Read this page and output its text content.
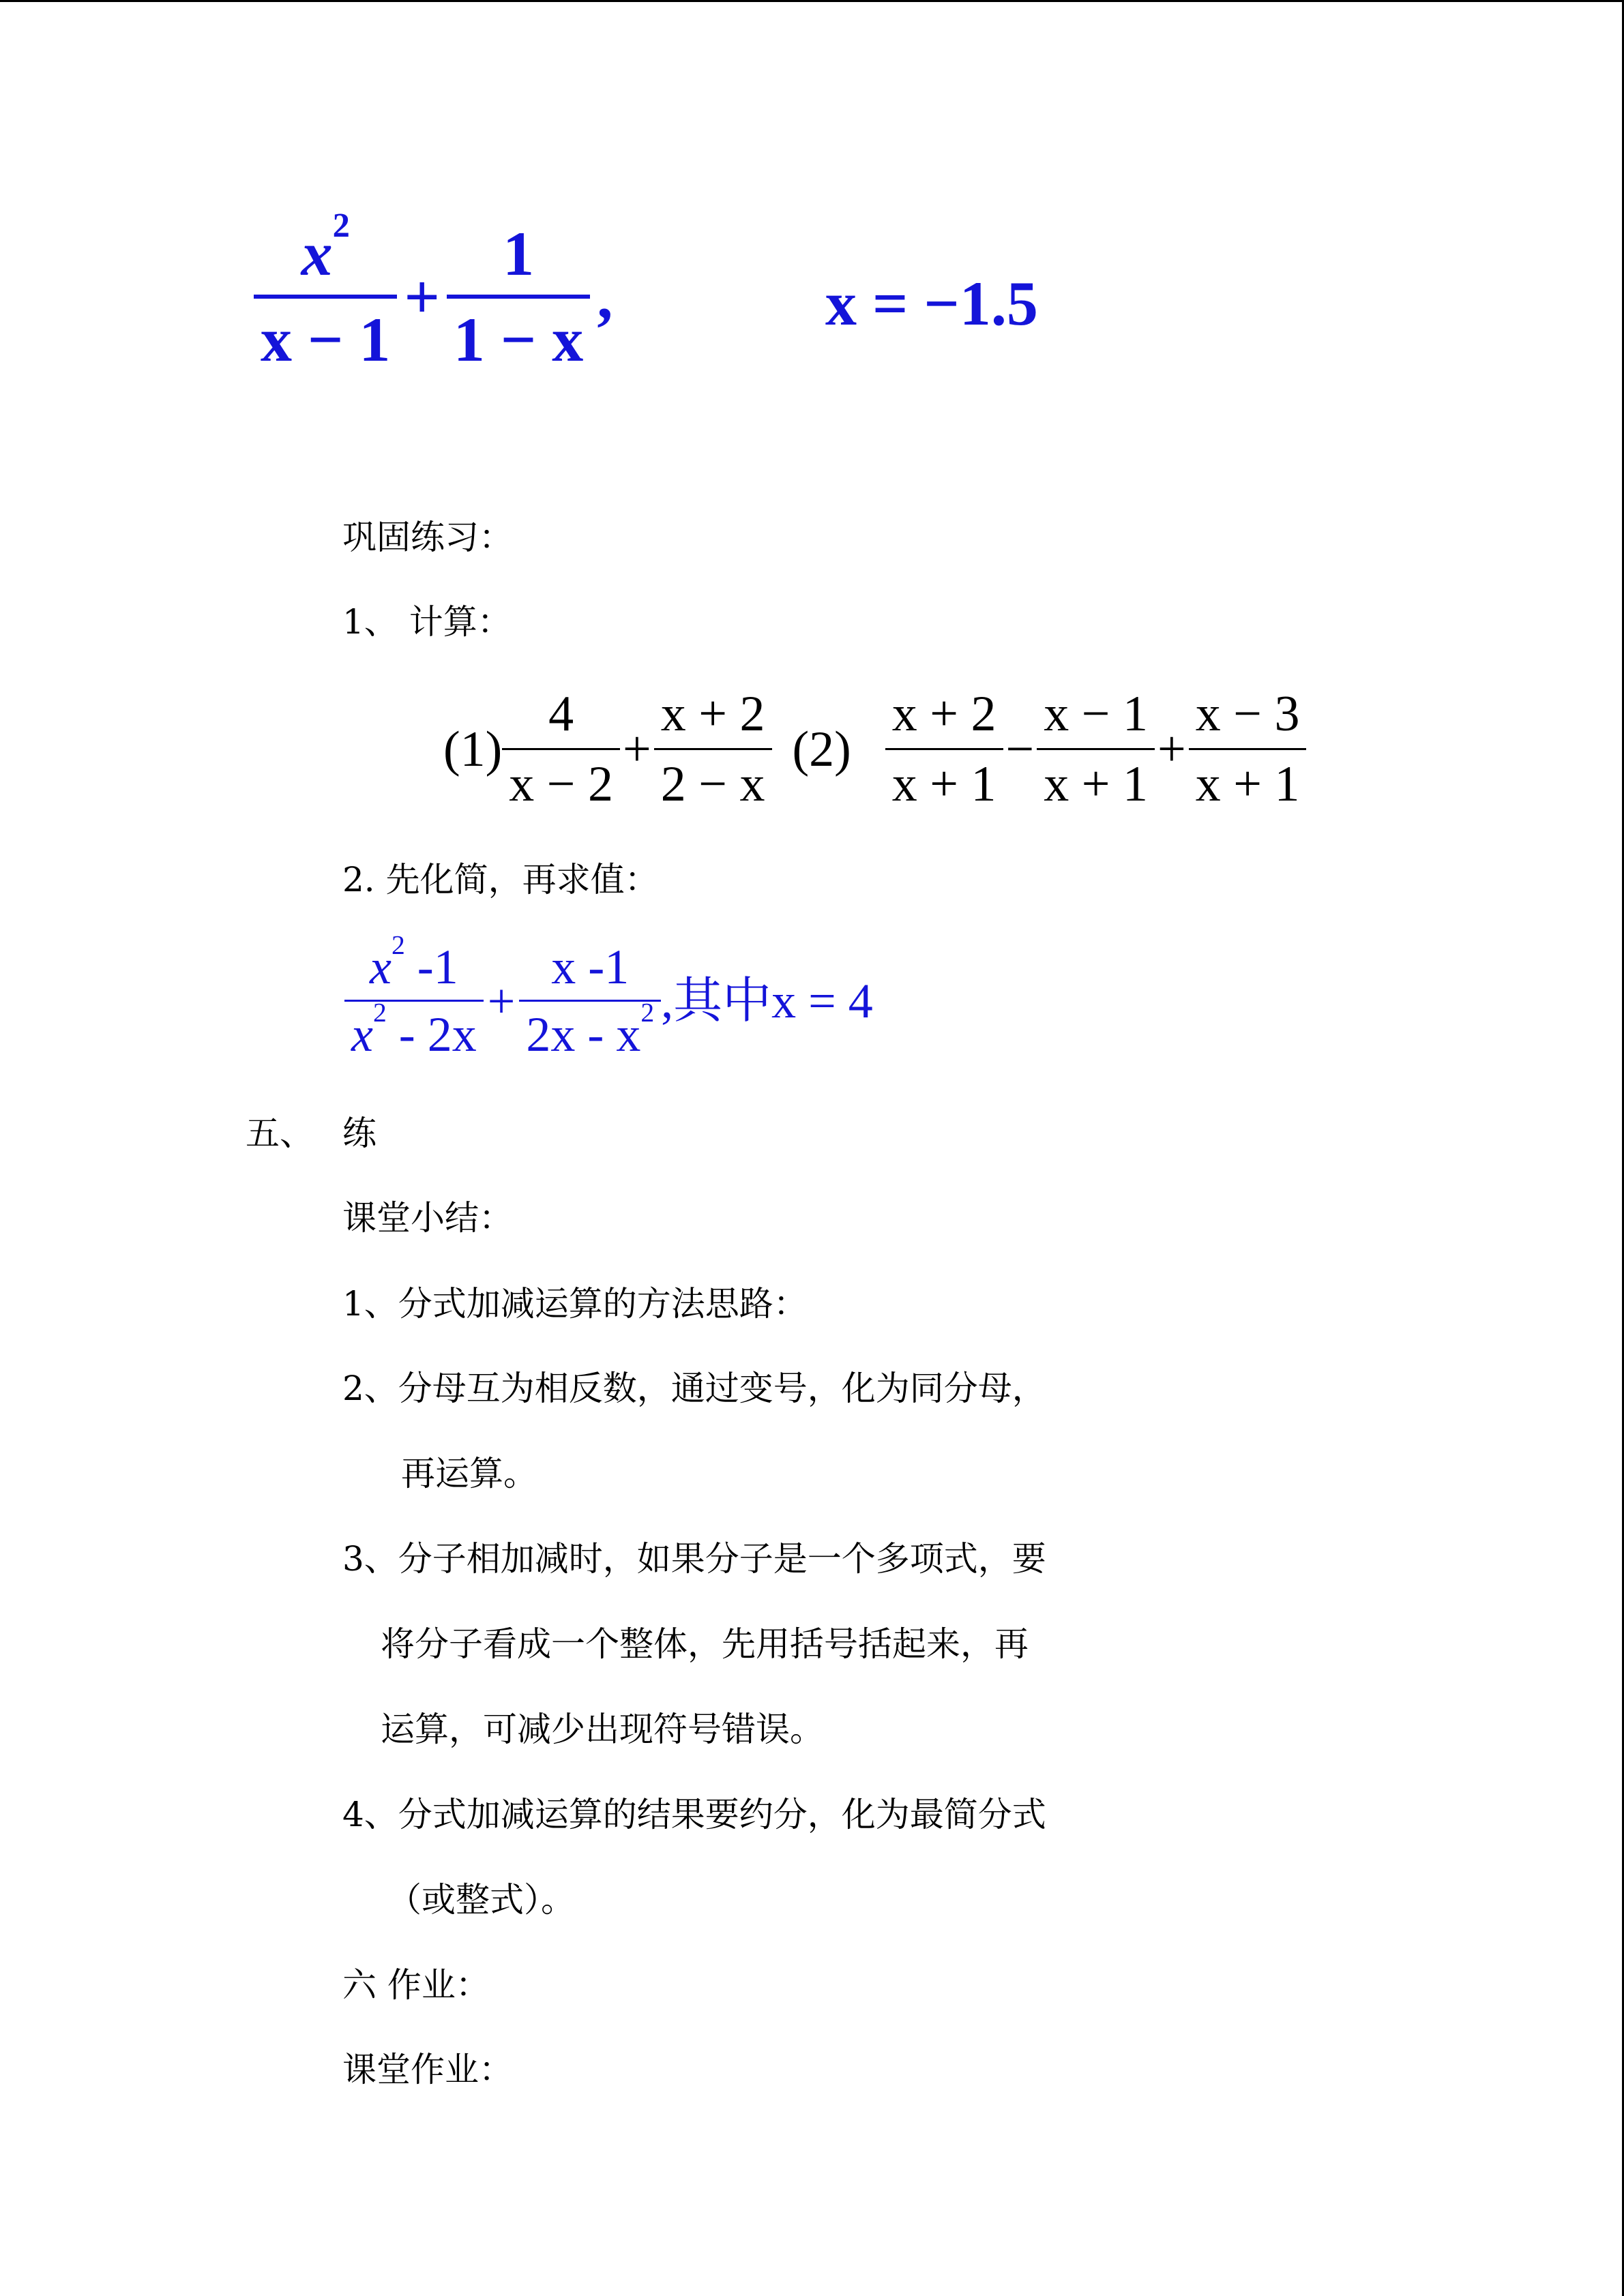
$x^2$
x − 1
+
1
1 − x
,	x = −1.5
巩固练习：
1、 计算：
$(1) \frac{4}{x - 2} + \frac{x + 2}{2 - x} (2) \frac{x + 2}{x + 1} - \frac{x - 1}{x + 1} + \frac{x - 3}{x + 1}$
2. 先化简，再求值：
$\frac{x^2 -1}{x^2 - 2x} + \frac{x -1}{2x - x^2}$ ,其中x = 4
五、 练
课堂小结：
1、分式加减运算的方法思路：
2、分母互为相反数，通过变号，化为同分母，
再运算。
3、分子相加减时，如果分子是一个多项式，要
将分子看成一个整体，先用括号括起来，再
运算，可减少出现符号错误。
4、分式加减运算的结果要约分，化为最简分式
（或整式）。
六 作业：
课堂作业：
